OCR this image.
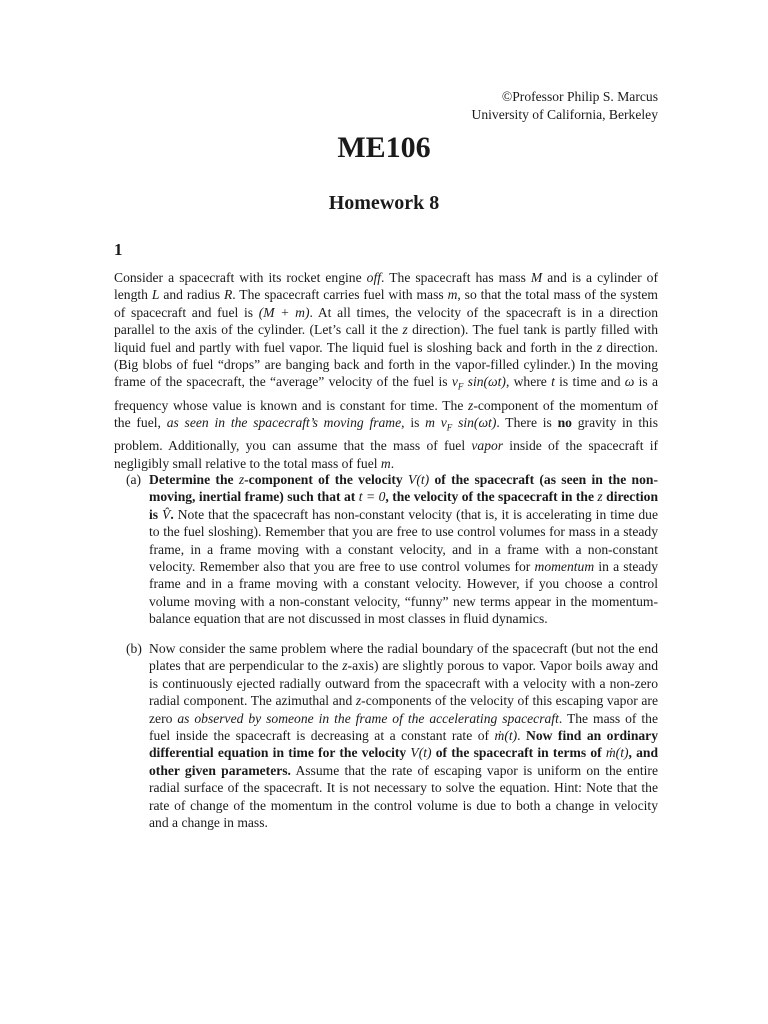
©Professor Philip S. Marcus
University of California, Berkeley
ME106
Homework 8
1

Consider a spacecraft with its rocket engine off. The spacecraft has mass M and is a cylinder of length L and radius R. The spacecraft carries fuel with mass m, so that the total mass of the system of spacecraft and fuel is (M + m). At all times, the velocity of the spacecraft is in a direction parallel to the axis of the cylinder. (Let’s call it the z direction). The fuel tank is partly filled with liquid fuel and partly with fuel vapor. The liquid fuel is sloshing back and forth in the z direction. (Big blobs of fuel “drops” are banging back and forth in the vapor-filled cylinder.) In the moving frame of the spacecraft, the “average” velocity of the fuel is $v_F$ sin(ωt), where t is time and ω is a frequency whose value is known and is constant for time. The z-component of the momentum of the fuel, as seen in the spacecraft’s moving frame, is m $v_F$ sin(ωt). There is no gravity in this problem. Additionally, you can assume that the mass of fuel vapor inside of the spacecraft if negligibly small relative to the total mass of fuel m.

(a) Determine the z-component of the velocity V(t) of the spacecraft (as seen in the non-moving, inertial frame) such that at t = 0, the velocity of the spacecraft in the z direction is V̂. Note that the spacecraft has non-constant velocity (that is, it is accelerating in time due to the fuel sloshing). Remember that you are free to use control volumes for mass in a steady frame, in a frame moving with a constant velocity, and in a frame with a non-constant velocity. Remember also that you are free to use control volumes for momentum in a steady frame and in a frame moving with a constant velocity. However, if you choose a control volume moving with a non-constant velocity, “funny” new terms appear in the momentum-balance equation that are not discussed in most classes in fluid dynamics.
(b) Now consider the same problem where the radial boundary of the spacecraft (but not the end plates that are perpendicular to the z-axis) are slightly porous to vapor. Vapor boils away and is continuously ejected radially outward from the spacecraft with a velocity with a non-zero radial component. The azimuthal and z-components of the velocity of this escaping vapor are zero as observed by someone in the frame of the accelerating spacecraft. The mass of the fuel inside the spacecraft is decreasing at a constant rate of ṁ(t). Now find an ordinary differential equation in time for the velocity V(t) of the spacecraft in terms of ṁ(t), and other given parameters. Assume that the rate of escaping vapor is uniform on the entire radial surface of the spacecraft. It is not necessary to solve the equation. Hint: Note that the rate of change of the momentum in the control volume is due to both a change in velocity and a change in mass.
